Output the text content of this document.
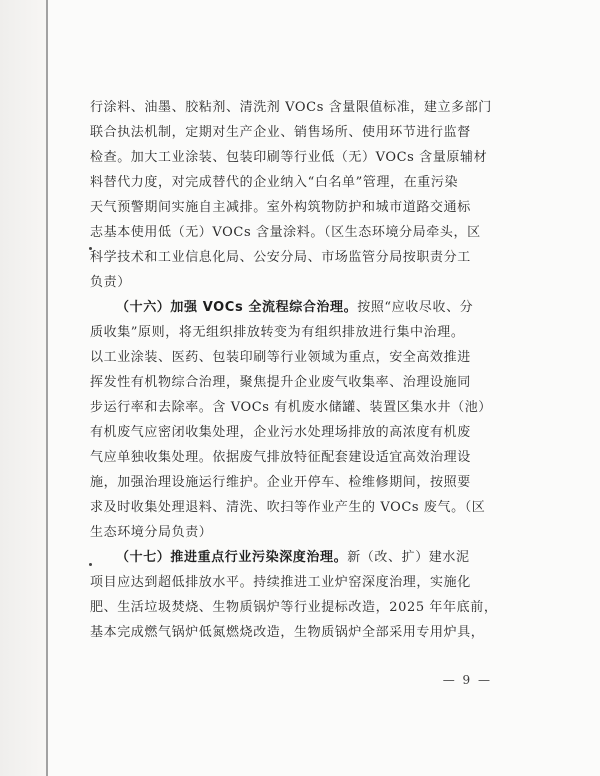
行涂料、油墨、胶粘剂、清洗剂 VOCs 含量限值标准，建立多部门
联合执法机制，定期对生产企业、销售场所、使用环节进行监督
检查。加大工业涂装、包装印刷等行业低（无）VOCs 含量原辅材
料替代力度，对完成替代的企业纳入“白名单”管理，在重污染
天气预警期间实施自主减排。室外构筑物防护和城市道路交通标
志基本使用低（无）VOCs 含量涂料。（区生态环境分局牵头，区
科学技术和工业信息化局、公安分局、市场监管分局按职责分工
负责）
（十六）加强 VOCs 全流程综合治理。按照“应收尽收、分
质收集”原则，将无组织排放转变为有组织排放进行集中治理。
以工业涂装、医药、包装印刷等行业领域为重点，安全高效推进
挥发性有机物综合治理，聚焦提升企业废气收集率、治理设施同
步运行率和去除率。含 VOCs 有机废水储罐、装置区集水井（池）
有机废气应密闭收集处理，企业污水处理场排放的高浓度有机废
气应单独收集处理。依据废气排放特征配套建设适宜高效治理设
施，加强治理设施运行维护。企业开停车、检维修期间，按照要
求及时收集处理退料、清洗、吹扫等作业产生的 VOCs 废气。（区
生态环境分局负责）
（十七）推进重点行业污染深度治理。新（改、扩）建水泥
项目应达到超低排放水平。持续推进工业炉窑深度治理，实施化
肥、生活垃圾焚烧、生物质锅炉等行业提标改造，2025 年年底前，
基本完成燃气锅炉低氮燃烧改造，生物质锅炉全部采用专用炉具，
— 9 —
